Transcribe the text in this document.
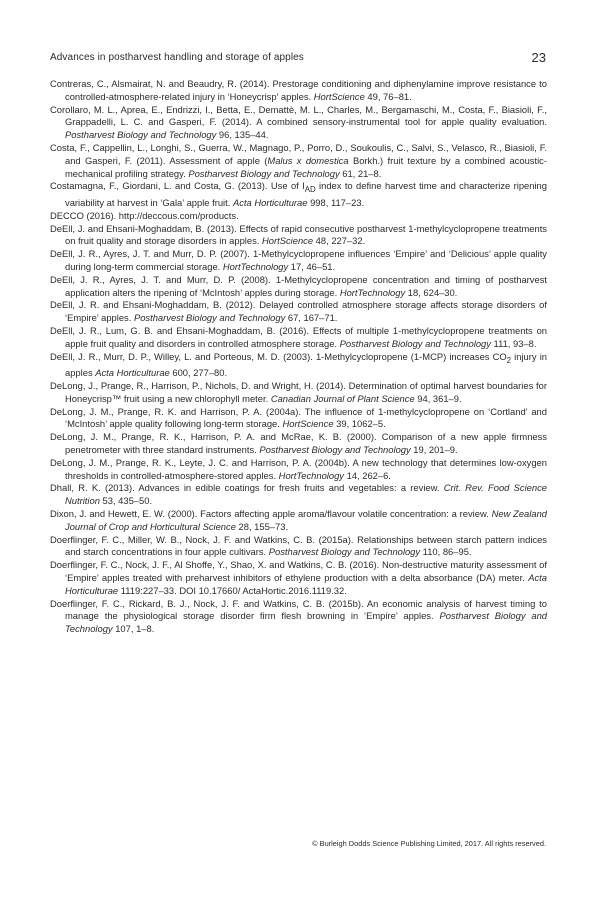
Advances in postharvest handling and storage of apples	23

Contreras, C., Alsmairat, N. and Beaudry, R. (2014). Prestorage conditioning and diphenylamine improve resistance to controlled-atmosphere-related injury in ‘Honeycrisp’ apples. HortScience 49, 76–81.

Corollaro, M. L., Aprea, E., Endrizzi, I., Betta, E., Demattè, M. L., Charles, M., Bergamaschi, M., Costa, F., Biasioli, F., Grappadelli, L. C. and Gasperi, F. (2014). A combined sensory-instrumental tool for apple quality evaluation. Postharvest Biology and Technology 96, 135–44.

Costa, F., Cappellin, L., Longhi, S., Guerra, W., Magnago, P., Porro, D., Soukoulis, C., Salvi, S., Velasco, R., Biasioli, F. and Gasperi, F. (2011). Assessment of apple (Malus x domestica Borkh.) fruit texture by a combined acoustic-mechanical profiling strategy. Postharvest Biology and Technology 61, 21–8.

Costamagna, F., Giordani, L. and Costa, G. (2013). Use of $I_{AD}$ index to define harvest time and characterize ripening variability at harvest in ‘Gala’ apple fruit. Acta Horticulturae 998, 117–23.

DECCO (2016). http://deccous.com/products.

DeEll, J. and Ehsani-Moghaddam, B. (2013). Effects of rapid consecutive postharvest 1-methylcyclopropene treatments on fruit quality and storage disorders in apples. HortScience 48, 227–32.

DeEll, J. R., Ayres, J. T. and Murr, D. P. (2007). 1-Methylcyclopropene influences ‘Empire’ and ‘Delicious’ apple quality during long-term commercial storage. HortTechnology 17, 46–51.

DeEll, J. R., Ayres, J. T. and Murr, D. P. (2008). 1-Methylcyclopropene concentration and timing of postharvest application alters the ripening of ‘McIntosh’ apples during storage. HortTechnology 18, 624–30.

DeEll, J. R. and Ehsani-Moghaddam, B. (2012). Delayed controlled atmosphere storage affects storage disorders of ‘Empire’ apples. Postharvest Biology and Technology 67, 167–71.

DeEll, J. R., Lum, G. B. and Ehsani-Moghaddam, B. (2016). Effects of multiple 1-methylcyclopropene treatments on apple fruit quality and disorders in controlled atmosphere storage. Postharvest Biology and Technology 111, 93–8.

DeEll, J. R., Murr, D. P., Willey, L. and Porteous, M. D. (2003). 1-Methylcyclopropene (1-MCP) increases $CO_2$ injury in apples Acta Horticulturae 600, 277–80.

DeLong, J., Prange, R., Harrison, P., Nichols, D. and Wright, H. (2014). Determination of optimal harvest boundaries for Honeycrisp™ fruit using a new chlorophyll meter. Canadian Journal of Plant Science 94, 361–9.

DeLong, J. M., Prange, R. K. and Harrison, P. A. (2004a). The influence of 1-methylcyclopropene on ‘Cortland’ and ‘McIntosh’ apple quality following long-term storage. HortScience 39, 1062–5.

DeLong, J. M., Prange, R. K., Harrison, P. A. and McRae, K. B. (2000). Comparison of a new apple firmness penetrometer with three standard instruments. Postharvest Biology and Technology 19, 201–9.

DeLong, J. M., Prange, R. K., Leyte, J. C. and Harrison, P. A. (2004b). A new technology that determines low-oxygen thresholds in controlled-atmosphere-stored apples. HortTechnology 14, 262–6.

Dhall, R. K. (2013). Advances in edible coatings for fresh fruits and vegetables: a review. Crit. Rev. Food Science Nutrition 53, 435–50.

Dixon, J. and Hewett, E. W. (2000). Factors affecting apple aroma/flavour volatile concentration: a review. New Zealand Journal of Crop and Horticultural Science 28, 155–73.

Doerflinger, F. C., Miller, W. B., Nock, J. F. and Watkins, C. B. (2015a). Relationships between starch pattern indices and starch concentrations in four apple cultivars. Postharvest Biology and Technology 110, 86–95.

Doerflinger, F. C., Nock, J. F., Al Shoffe, Y., Shao, X. and Watkins, C. B. (2016). Non-destructive maturity assessment of ‘Empire’ apples treated with preharvest inhibitors of ethylene production with a delta absorbance (DA) meter. Acta Horticulturae 1119:227–33. DOI 10.17660/ ActaHortic.2016.1119.32.

Doerflinger, F. C., Rickard, B. J., Nock, J. F. and Watkins, C. B. (2015b). An economic analysis of harvest timing to manage the physiological storage disorder firm flesh browning in ‘Empire’ apples. Postharvest Biology and Technology 107, 1–8.

© Burleigh Dodds Science Publishing Limited, 2017. All rights reserved.
